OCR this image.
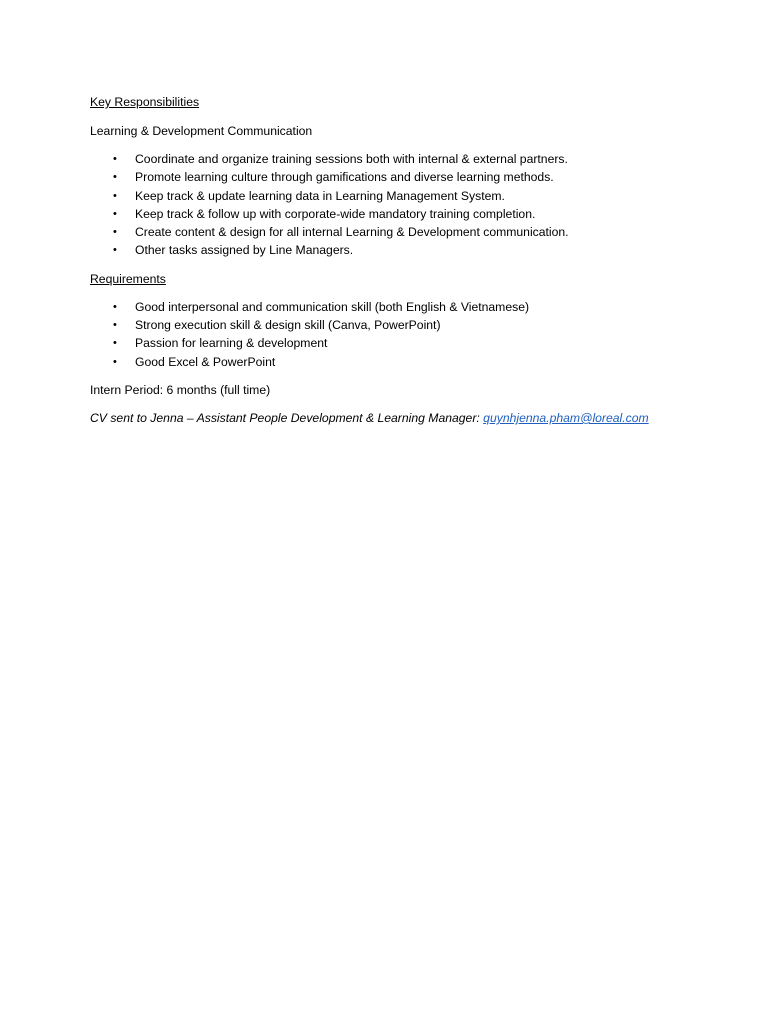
Key Responsibilities
Learning & Development Communication
• Coordinate and organize training sessions both with internal & external partners.
• Promote learning culture through gamifications and diverse learning methods.
• Keep track & update learning data in Learning Management System.
• Keep track & follow up with corporate-wide mandatory training completion.
• Create content & design for all internal Learning & Development communication.
• Other tasks assigned by Line Managers.
Requirements
• Good interpersonal and communication skill (both English & Vietnamese)
• Strong execution skill & design skill (Canva, PowerPoint)
• Passion for learning & development
• Good Excel & PowerPoint
Intern Period: 6 months (full time)
CV sent to Jenna – Assistant People Development & Learning Manager: quynhjenna.pham@loreal.com
